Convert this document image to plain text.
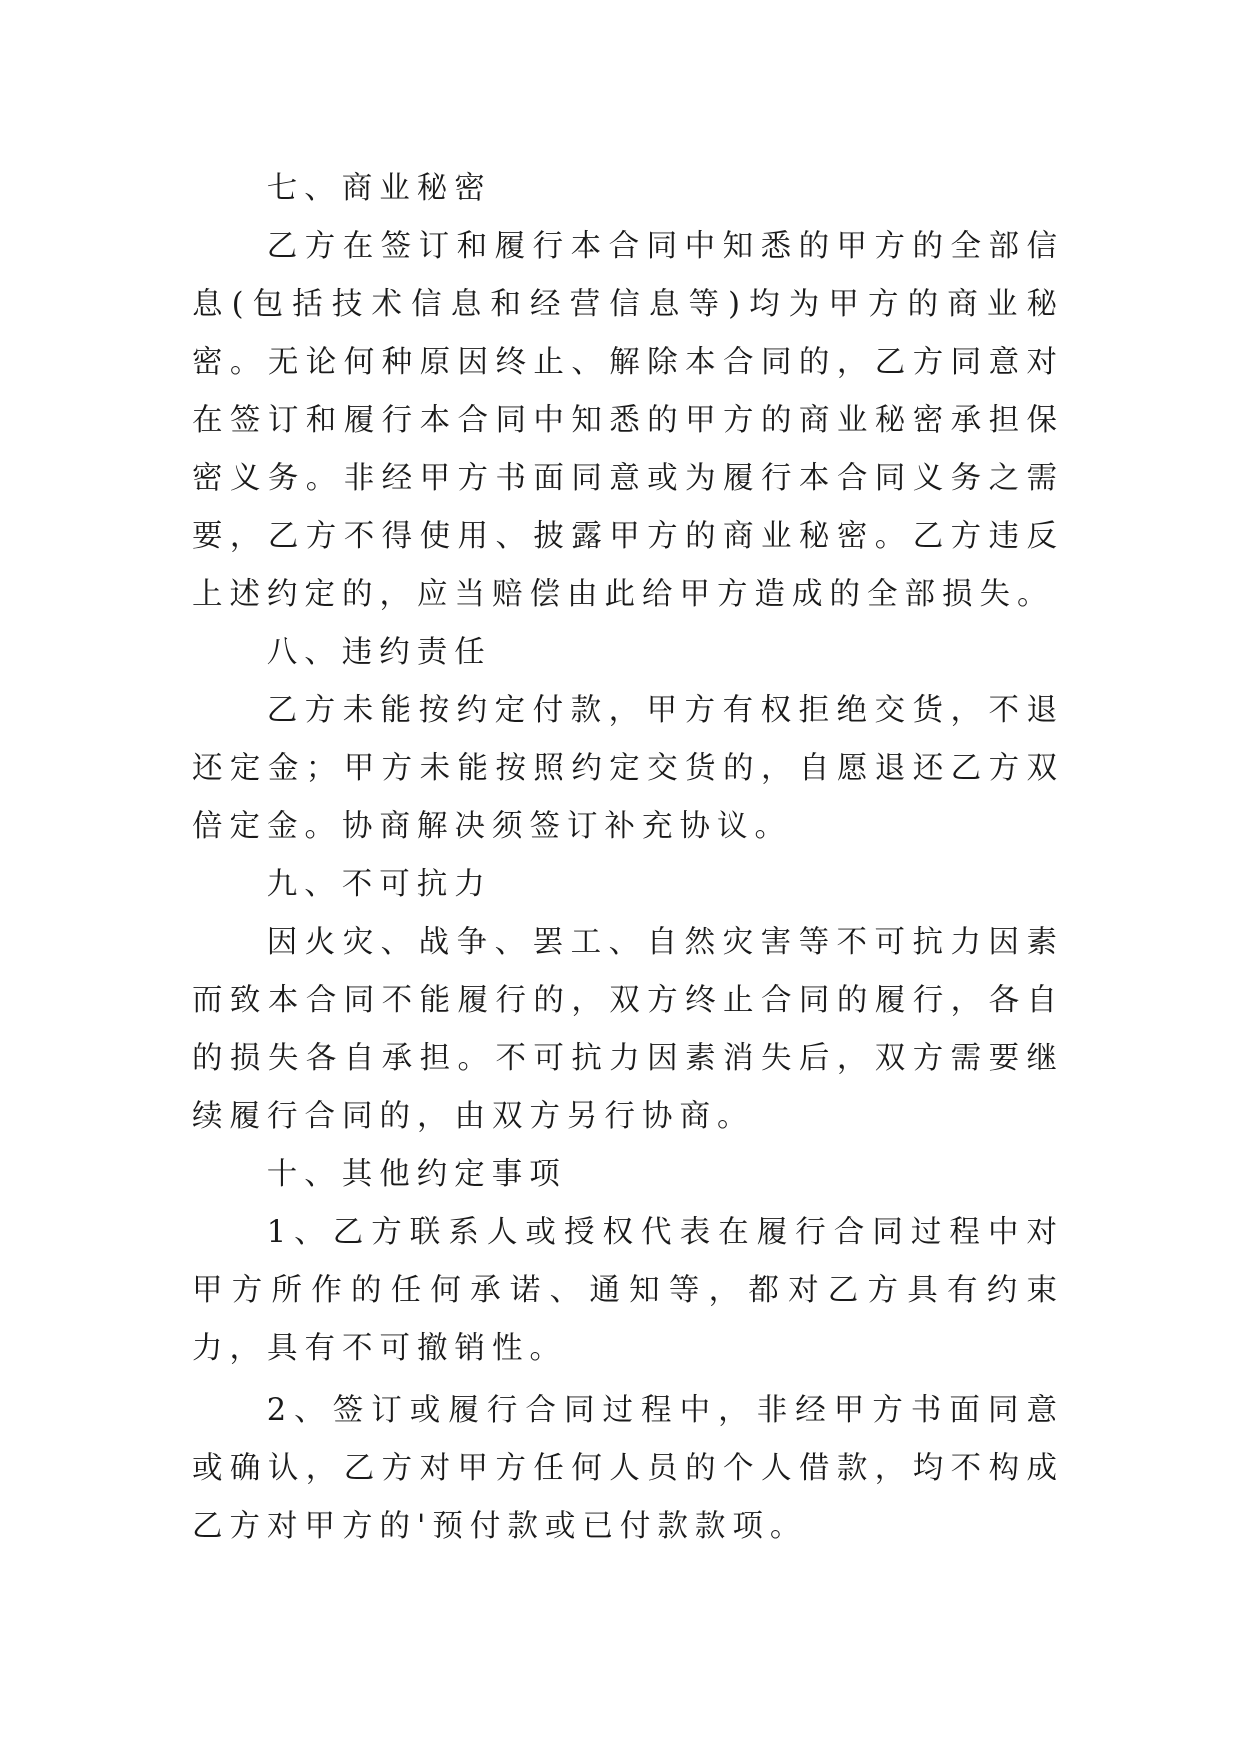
七、商业秘密

乙方在签订和履行本合同中知悉的甲方的全部信息(包括技术信息和经营信息等)均为甲方的商业秘密。无论何种原因终止、解除本合同的，乙方同意对在签订和履行本合同中知悉的甲方的商业秘密承担保密义务。非经甲方书面同意或为履行本合同义务之需要，乙方不得使用、披露甲方的商业秘密。乙方违反上述约定的，应当赔偿由此给甲方造成的全部损失。

八、违约责任

乙方未能按约定付款，甲方有权拒绝交货，不退还定金；甲方未能按照约定交货的，自愿退还乙方双倍定金。协商解决须签订补充协议。

九、不可抗力

因火灾、战争、罢工、自然灾害等不可抗力因素而致本合同不能履行的，双方终止合同的履行，各自的损失各自承担。不可抗力因素消失后，双方需要继续履行合同的，由双方另行协商。

十、其他约定事项

1、乙方联系人或授权代表在履行合同过程中对甲方所作的任何承诺、通知等，都对乙方具有约束力，具有不可撤销性。

2、签订或履行合同过程中，非经甲方书面同意或确认，乙方对甲方任何人员的个人借款，均不构成乙方对甲方的'预付款或已付款款项。
